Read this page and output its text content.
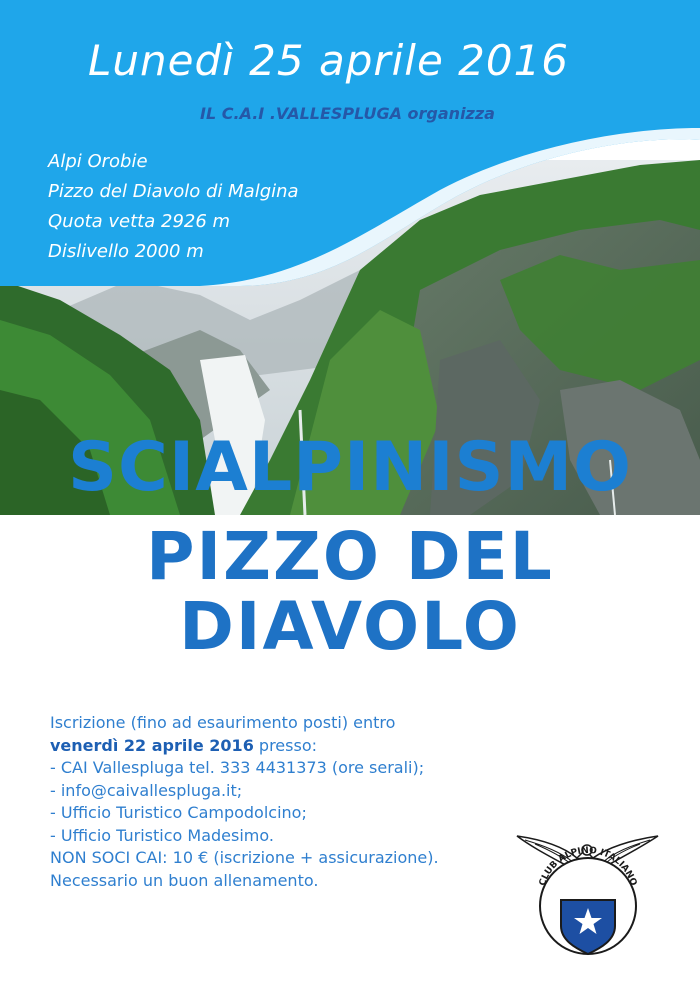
Lunedì 25 aprile 2016
IL C.A.I .VALLESPLUGA organizza
Alpi Orobie
Pizzo del Diavolo di Malgina
Quota vetta 2926 m
Dislivello 2000 m
SCIALPINISMO
PIZZO DEL
DIAVOLO
Iscrizione (fino ad esaurimento posti) entro
venerdì 22 aprile 2016 presso:
- CAI Vallespluga tel. 333 4431373 (ore serali);
- info@caivallespluga.it;
- Ufficio Turistico Campodolcino;
- Ufficio Turistico Madesimo.
NON SOCI CAI: 10 € (iscrizione + assicurazione).
Necessario un buon allenamento.	CLUB ALPINO ITALIANO
